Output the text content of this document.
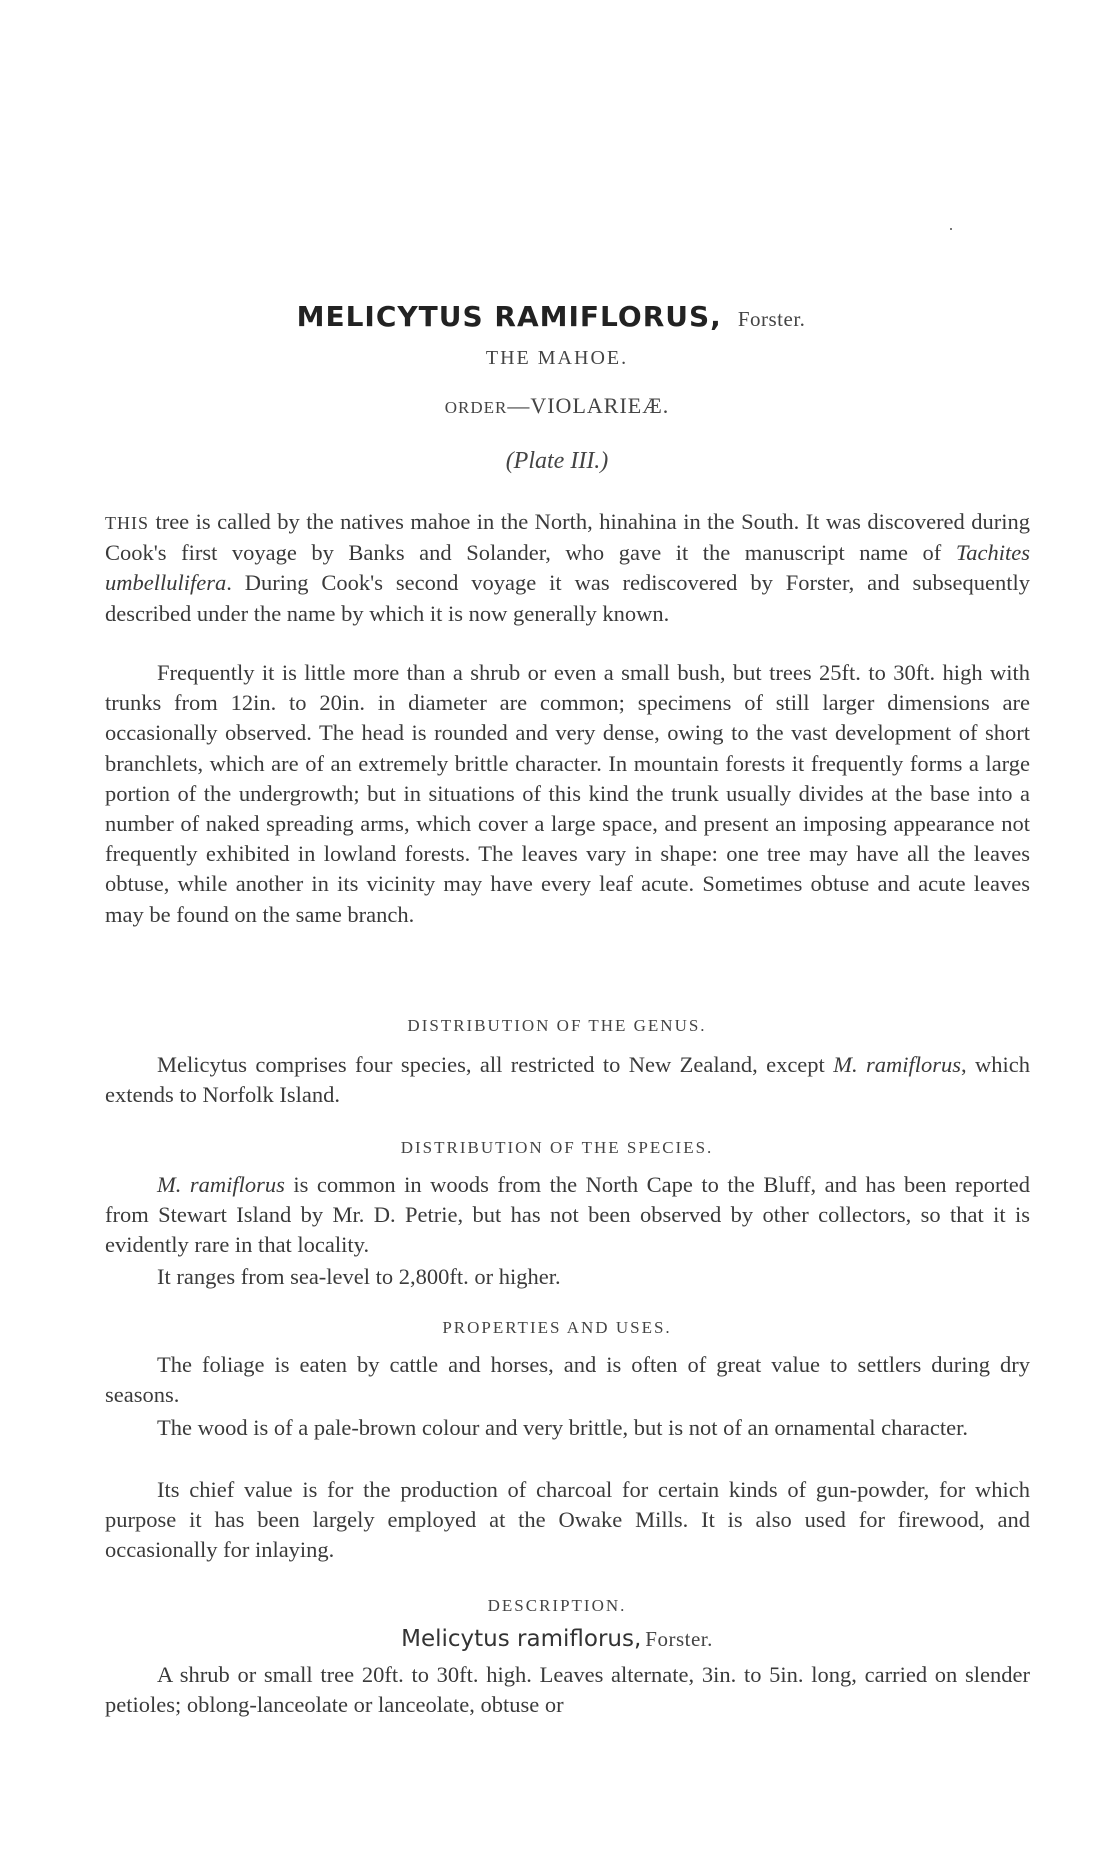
MELICYTUS RAMIFLORUS, Forster.
THE MAHOE.
ORDER—VIOLARIEÆ.
(Plate III.)

THIS tree is called by the natives mahoe in the North, hinahina in the South. It was discovered during Cook's first voyage by Banks and Solander, who gave it the manuscript name of Tachites umbellulifera. During Cook's second voyage it was rediscovered by Forster, and subsequently described under the name by which it is now generally known.

Frequently it is little more than a shrub or even a small bush, but trees 25ft. to 30ft. high with trunks from 12in. to 20in. in diameter are common; specimens of still larger dimensions are occasionally observed. The head is rounded and very dense, owing to the vast development of short branchlets, which are of an extremely brittle character. In mountain forests it frequently forms a large portion of the undergrowth; but in situations of this kind the trunk usually divides at the base into a number of naked spreading arms, which cover a large space, and present an imposing appearance not frequently exhibited in lowland forests. The leaves vary in shape: one tree may have all the leaves obtuse, while another in its vicinity may have every leaf acute. Sometimes obtuse and acute leaves may be found on the same branch.

DISTRIBUTION OF THE GENUS.

Melicytus comprises four species, all restricted to New Zealand, except M. ramiflorus, which extends to Norfolk Island.

DISTRIBUTION OF THE SPECIES.

M. ramiflorus is common in woods from the North Cape to the Bluff, and has been reported from Stewart Island by Mr. D. Petrie, but has not been observed by other collectors, so that it is evidently rare in that locality.

It ranges from sea-level to 2,800ft. or higher.

PROPERTIES AND USES.

The foliage is eaten by cattle and horses, and is often of great value to settlers during dry seasons.

The wood is of a pale-brown colour and very brittle, but is not of an ornamental character.

Its chief value is for the production of charcoal for certain kinds of gun-powder, for which purpose it has been largely employed at the Owake Mills. It is also used for firewood, and occasionally for inlaying.

DESCRIPTION.
Melicytus ramiflorus, Forster.

A shrub or small tree 20ft. to 30ft. high. Leaves alternate, 3in. to 5in. long, carried on slender petioles; oblong-lanceolate or lanceolate, obtuse or
